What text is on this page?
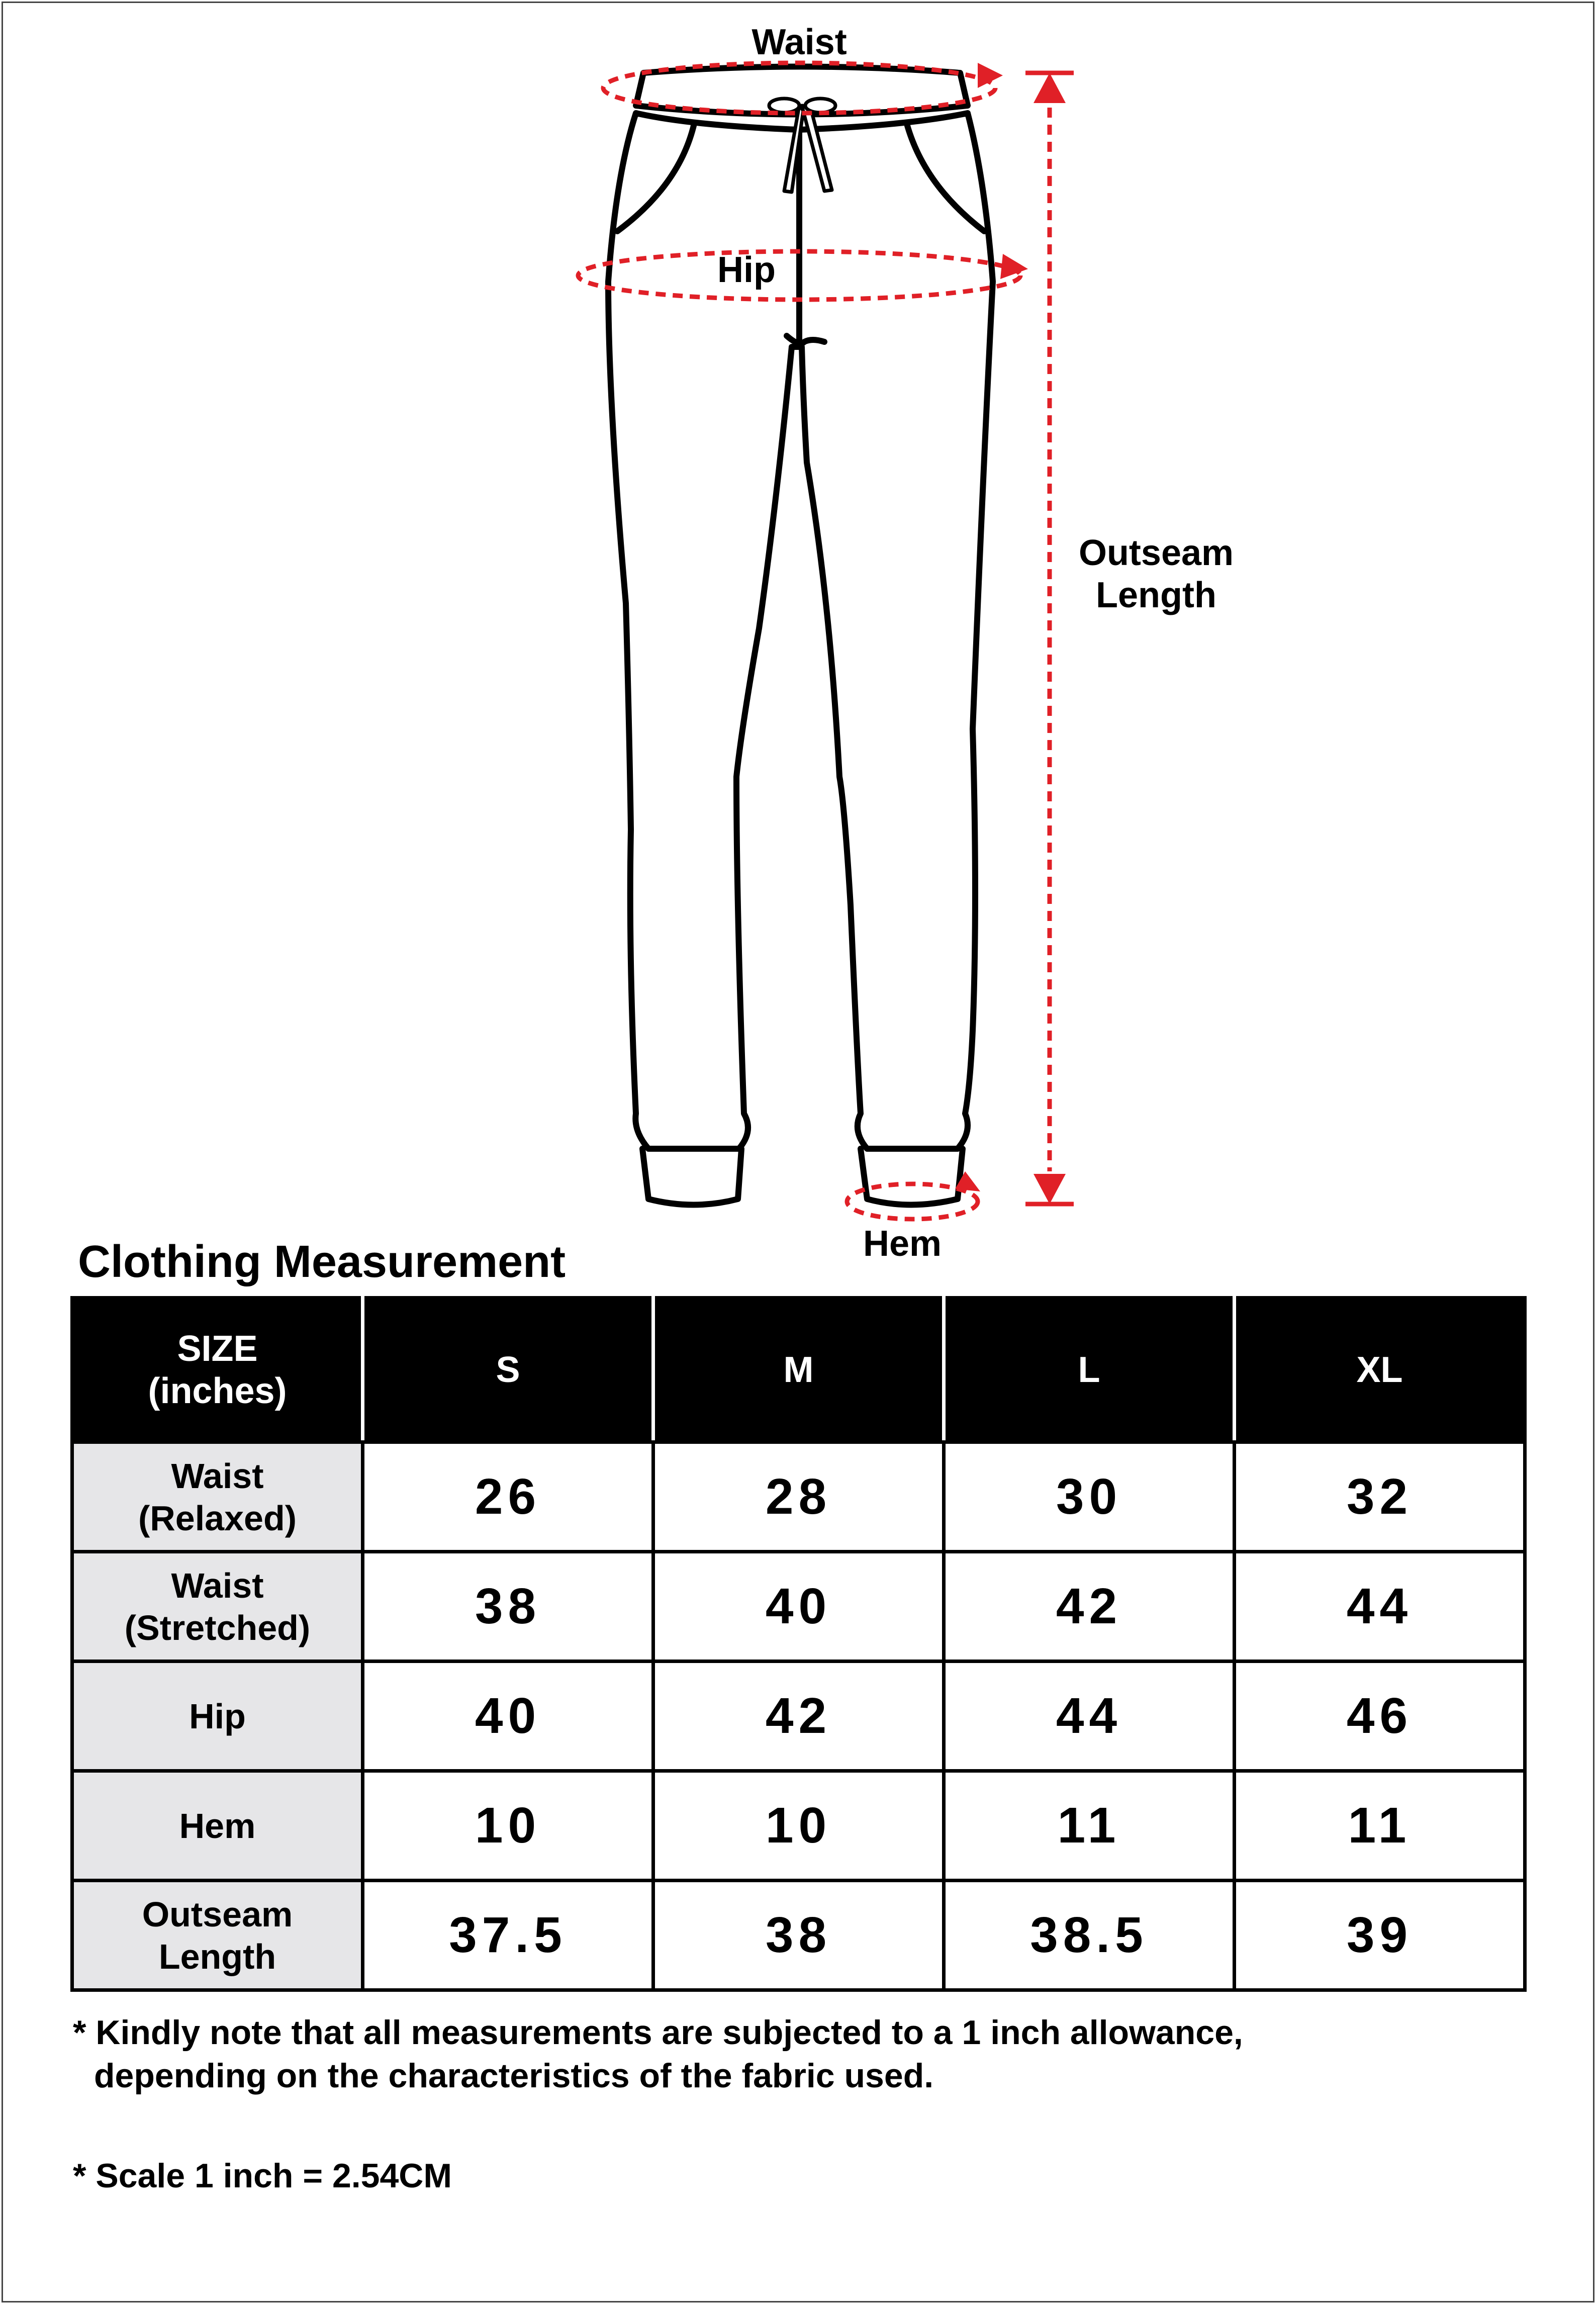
Waist
Hip
Outseam
Length
Hem
Clothing Measurement
SIZE
(inches)	S	M	L	XL
Waist
(Relaxed)	26	28	30	32
Waist
(Stretched)	38	40	42	44
Hip	40	42	44	46
Hem	10	10	11	11
Outseam
Length	37.5	38	38.5	39
* Kindly note that all measurements are subjected to a 1 inch allowance,
depending on the characteristics of the fabric used.
* Scale 1 inch = 2.54CM
